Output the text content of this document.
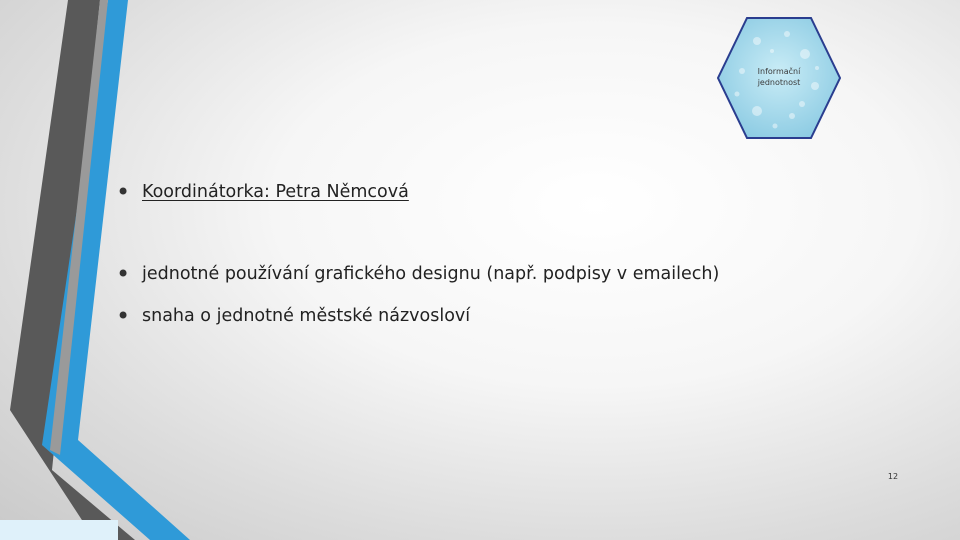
Informační
jednotnost
• Koordinátorka: Petra Němcová
• jednotné používání grafického designu (např. podpisy v emailech)
• snaha o jednotné městské názvosloví
12
